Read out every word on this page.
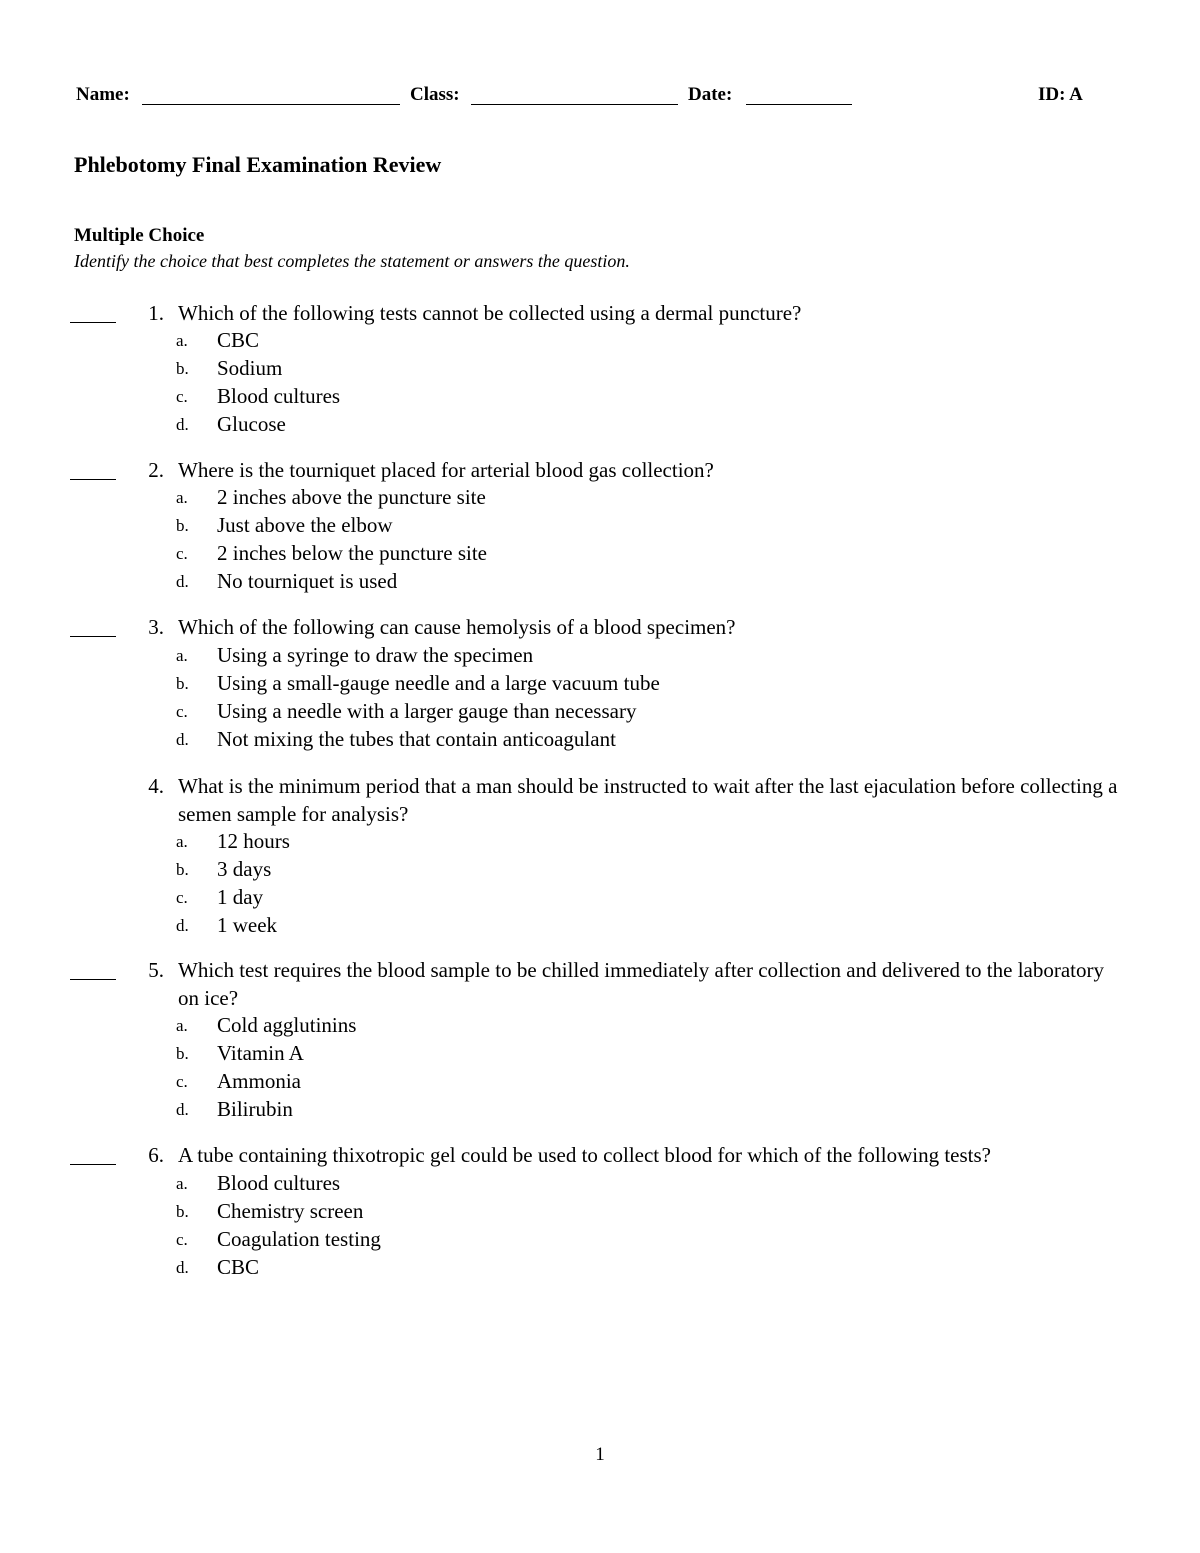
Name:	Class:	Date:	ID: A
Phlebotomy Final Examination Review
Multiple Choice
Identify the choice that best completes the statement or answers the question.
1. Which of the following tests cannot be collected using a dermal puncture?
a. CBC
b. Sodium
c. Blood cultures
d. Glucose
2. Where is the tourniquet placed for arterial blood gas collection?
a. 2 inches above the puncture site
b. Just above the elbow
c. 2 inches below the puncture site
d. No tourniquet is used
3. Which of the following can cause hemolysis of a blood specimen?
a. Using a syringe to draw the specimen
b. Using a small-gauge needle and a large vacuum tube
c. Using a needle with a larger gauge than necessary
d. Not mixing the tubes that contain anticoagulant
4. What is the minimum period that a man should be instructed to wait after the last ejaculation before collecting a semen sample for analysis?
a. 12 hours
b. 3 days
c. 1 day
d. 1 week
5. Which test requires the blood sample to be chilled immediately after collection and delivered to the laboratory on ice?
a. Cold agglutinins
b. Vitamin A
c. Ammonia
d. Bilirubin
6. A tube containing thixotropic gel could be used to collect blood for which of the following tests?
a. Blood cultures
b. Chemistry screen
c. Coagulation testing
d. CBC
1
